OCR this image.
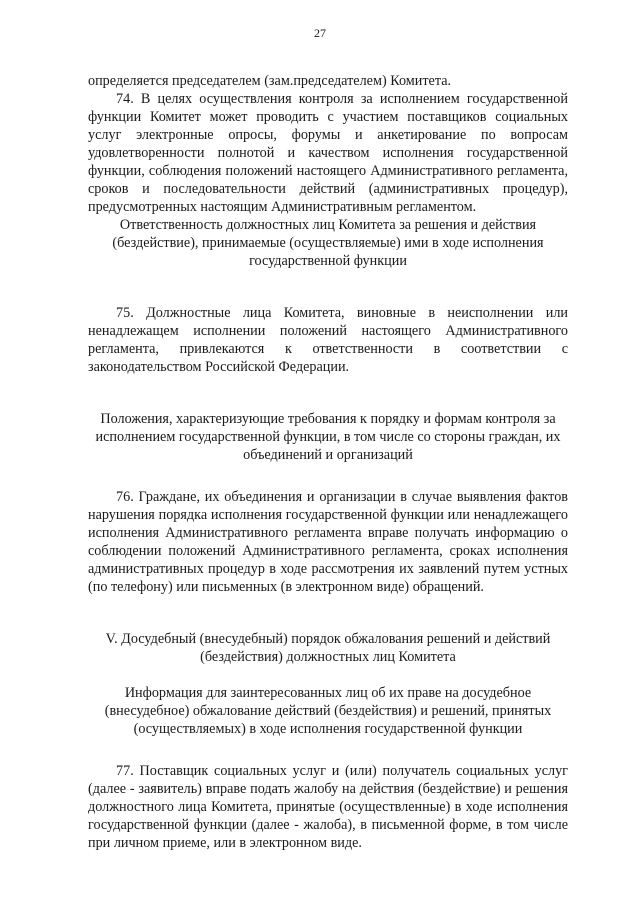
27

определяется председателем (зам.председателем) Комитета.

74. В целях осуществления контроля за исполнением государственной функции Комитет может проводить с участием поставщиков социальных услуг электронные опросы, форумы и анкетирование по вопросам удовлетворенности полнотой и качеством исполнения государственной функции, соблюдения положений настоящего Административного регламента, сроков и последовательности действий (административных процедур), предусмотренных настоящим Административным регламентом.

Ответственность должностных лиц Комитета за решения и действия (бездействие), принимаемые (осуществляемые) ими в ходе исполнения государственной функции

75. Должностные лица Комитета, виновные в неисполнении или ненадлежащем исполнении положений настоящего Административного регламента, привлекаются к ответственности в соответствии с законодательством Российской Федерации.

Положения, характеризующие требования к порядку и формам контроля за исполнением государственной функции, в том числе со стороны граждан, их объединений и организаций

76. Граждане, их объединения и организации в случае выявления фактов нарушения порядка исполнения государственной функции или ненадлежащего исполнения Административного регламента вправе получать информацию о соблюдении положений Административного регламента, сроках исполнения административных процедур в ходе рассмотрения их заявлений путем устных (по телефону) или письменных (в электронном виде) обращений.

V. Досудебный (внесудебный) порядок обжалования решений и действий (бездействия) должностных лиц Комитета

Информация для заинтересованных лиц об их праве на досудебное (внесудебное) обжалование действий (бездействия) и решений, принятых (осуществляемых) в ходе исполнения государственной функции

77. Поставщик социальных услуг и (или) получатель социальных услуг (далее - заявитель) вправе подать жалобу на действия (бездействие) и решения должностного лица Комитета, принятые (осуществленные) в ходе исполнения государственной функции (далее - жалоба), в письменной форме, в том числе при личном приеме, или в электронном виде.
